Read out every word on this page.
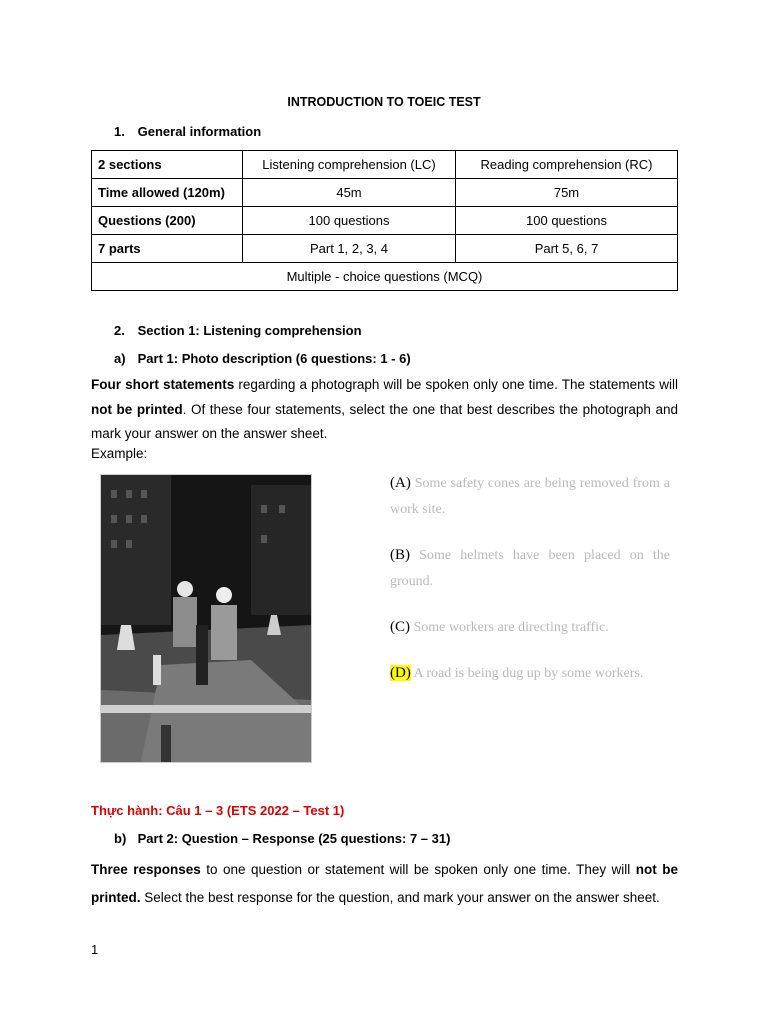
INTRODUCTION TO TOEIC TEST
1. General information
2 sections	Listening comprehension (LC)	Reading comprehension (RC)
Time allowed (120m)	45m	75m
Questions (200)	100 questions	100 questions
7 parts	Part 1, 2, 3, 4	Part 5, 6, 7
Multiple - choice questions (MCQ)		
2. Section 1: Listening comprehension
a) Part 1: Photo description (6 questions: 1 - 6)
Four short statements regarding a photograph will be spoken only one time. The statements will not be printed. Of these four statements, select the one that best describes the photograph and mark your answer on the answer sheet.
Example:
(A) Some safety cones are being removed from a work site.
(B) Some helmets have been placed on the ground.
(C) Some workers are directing traffic.
(D) A road is being dug up by some workers.
Thực hành: Câu 1 – 3 (ETS 2022 – Test 1)
b) Part 2: Question – Response (25 questions: 7 – 31)
Three responses to one question or statement will be spoken only one time. They will not be printed. Select the best response for the question, and mark your answer on the answer sheet.
1
